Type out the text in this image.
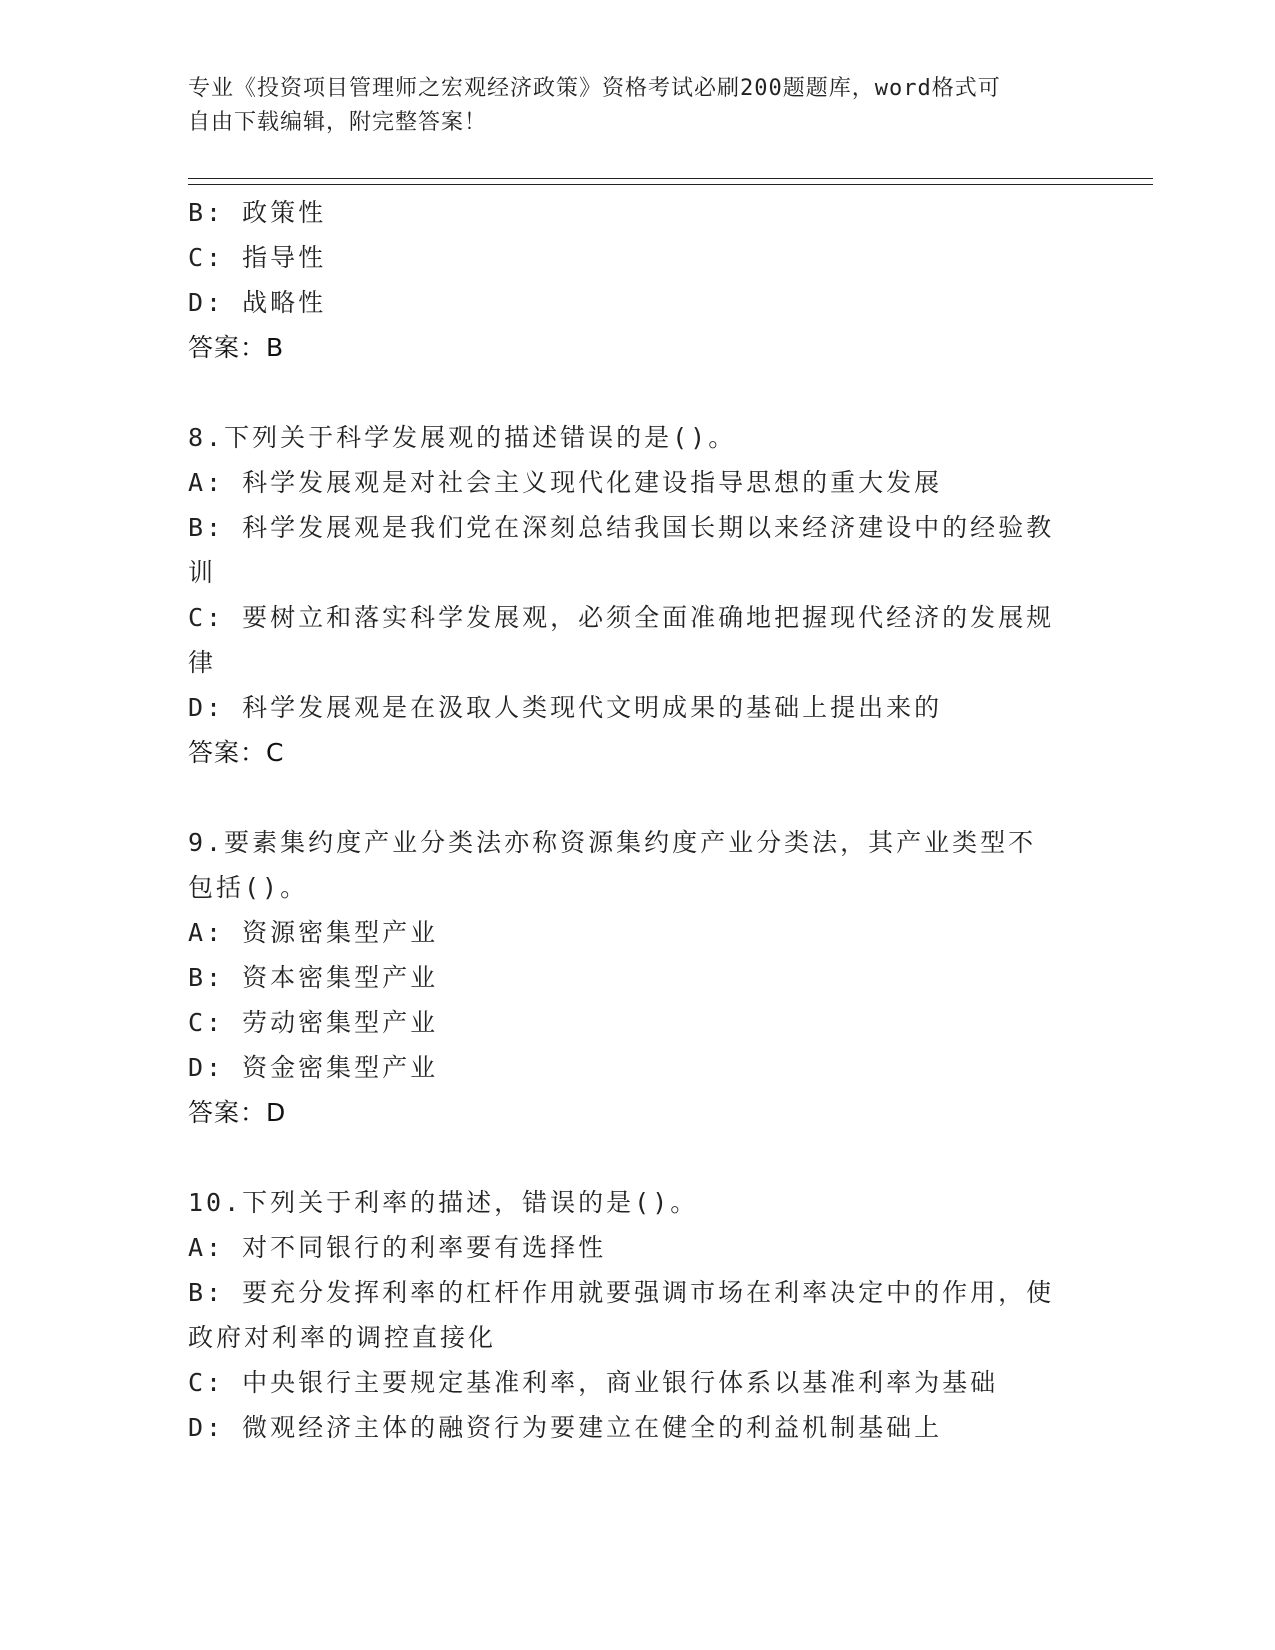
专业《投资项目管理师之宏观经济政策》资格考试必刷200题题库，word格式可
自由下载编辑，附完整答案！
B: 政策性
C: 指导性
D: 战略性
答案：B
8.下列关于科学发展观的描述错误的是()。
A: 科学发展观是对社会主义现代化建设指导思想的重大发展
B: 科学发展观是我们党在深刻总结我国长期以来经济建设中的经验教
训
C: 要树立和落实科学发展观，必须全面准确地把握现代经济的发展规
律
D: 科学发展观是在汲取人类现代文明成果的基础上提出来的
答案：C
9.要素集约度产业分类法亦称资源集约度产业分类法，其产业类型不
包括()。
A: 资源密集型产业
B: 资本密集型产业
C: 劳动密集型产业
D: 资金密集型产业
答案：D
10.下列关于利率的描述，错误的是()。
A: 对不同银行的利率要有选择性
B: 要充分发挥利率的杠杆作用就要强调市场在利率决定中的作用，使
政府对利率的调控直接化
C: 中央银行主要规定基准利率，商业银行体系以基准利率为基础
D: 微观经济主体的融资行为要建立在健全的利益机制基础上
